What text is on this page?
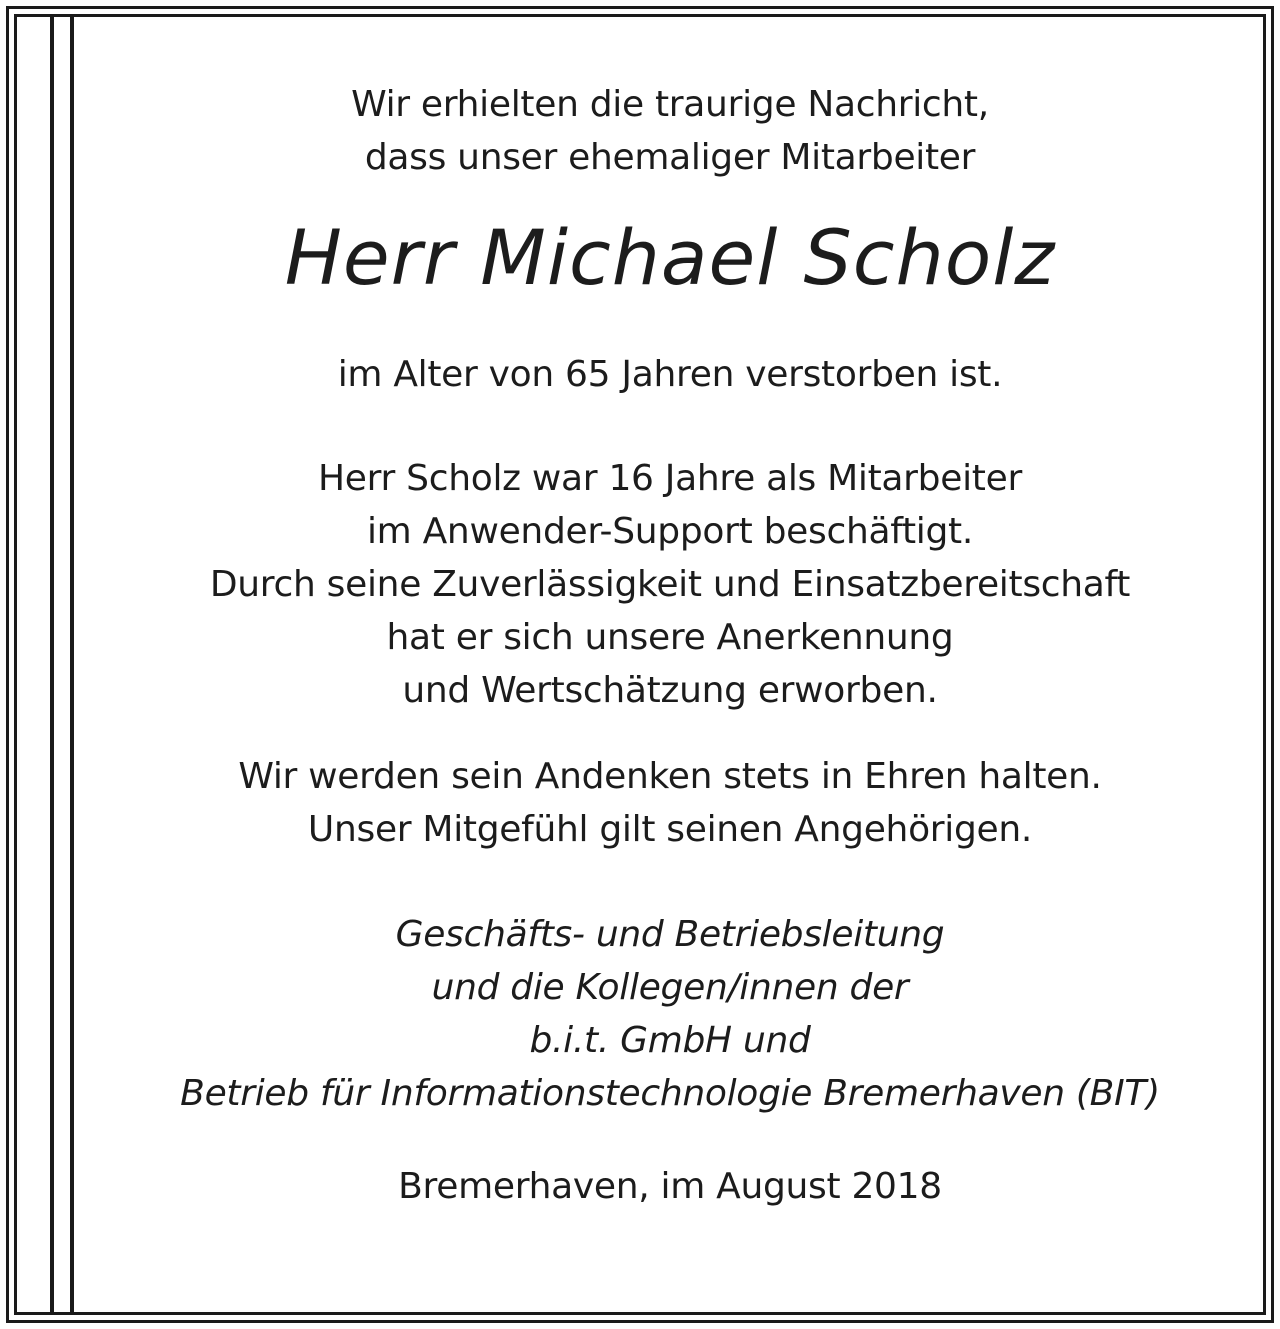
Wir erhielten die traurige Nachricht,
dass unser ehemaliger Mitarbeiter
Herr Michael Scholz
im Alter von 65 Jahren verstorben ist.
Herr Scholz war 16 Jahre als Mitarbeiter
im Anwender-Support beschäftigt.
Durch seine Zuverlässigkeit und Einsatzbereitschaft
hat er sich unsere Anerkennung
und Wertschätzung erworben.
Wir werden sein Andenken stets in Ehren halten.
Unser Mitgefühl gilt seinen Angehörigen.
Geschäfts- und Betriebsleitung
und die Kollegen/innen der
b.i.t. GmbH und
Betrieb für Informationstechnologie Bremerhaven (BIT)
Bremerhaven, im August 2018
